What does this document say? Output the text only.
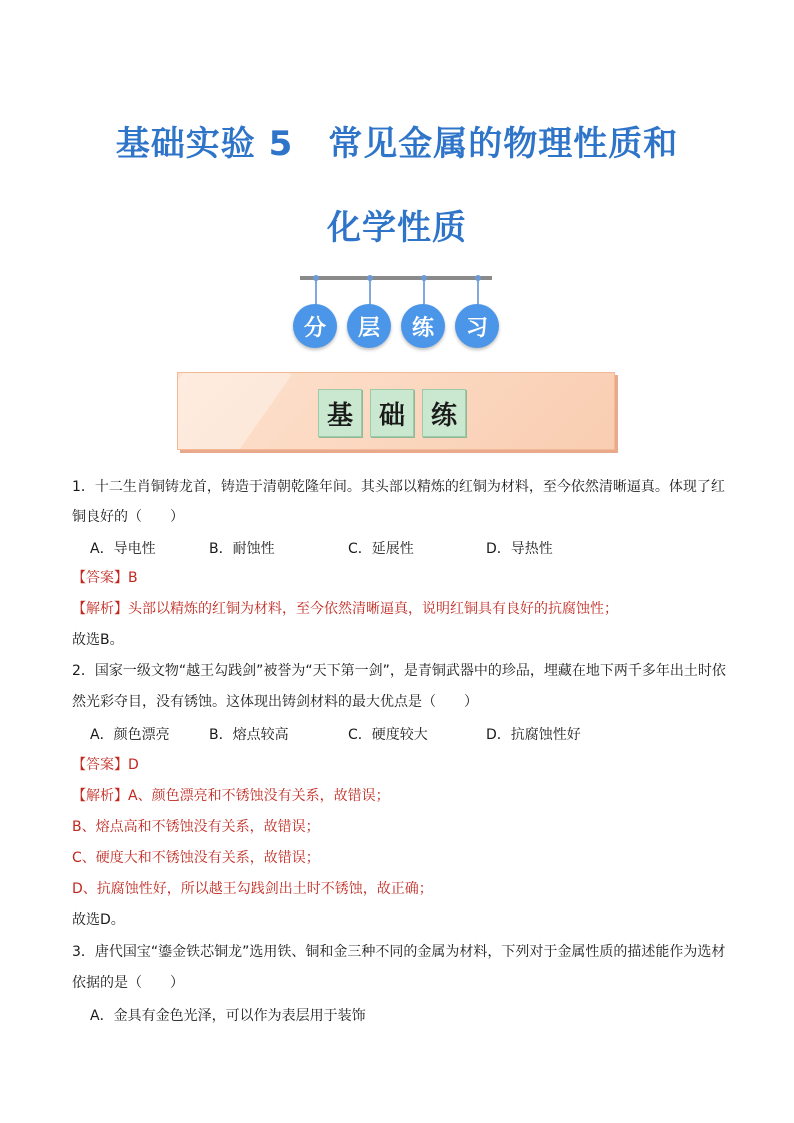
基础实验 5　常见金属的物理性质和
化学性质
分	层	练	习
基 础 练
1．十二生肖铜铸龙首，铸造于清朝乾隆年间。其头部以精炼的红铜为材料，至今依然清晰逼真。体现了红
铜良好的（　　）
A．导电性	B．耐蚀性	C．延展性	D．导热性
【答案】B
【解析】头部以精炼的红铜为材料，至今依然清晰逼真，说明红铜具有良好的抗腐蚀性；
故选B。
2．国家一级文物“越王勾践剑”被誉为“天下第一剑”，是青铜武器中的珍品，埋藏在地下两千多年出土时依
然光彩夺目，没有锈蚀。这体现出铸剑材料的最大优点是（　　）
A．颜色漂亮	B．熔点较高	C．硬度较大	D．抗腐蚀性好
【答案】D
【解析】A、颜色漂亮和不锈蚀没有关系，故错误；
B、熔点高和不锈蚀没有关系，故错误；
C、硬度大和不锈蚀没有关系，故错误；
D、抗腐蚀性好，所以越王勾践剑出土时不锈蚀，故正确；
故选D。
3．唐代国宝“鎏金铁芯铜龙”选用铁、铜和金三种不同的金属为材料，下列对于金属性质的描述能作为选材
依据的是（　　）
A．金具有金色光泽，可以作为表层用于装饰
